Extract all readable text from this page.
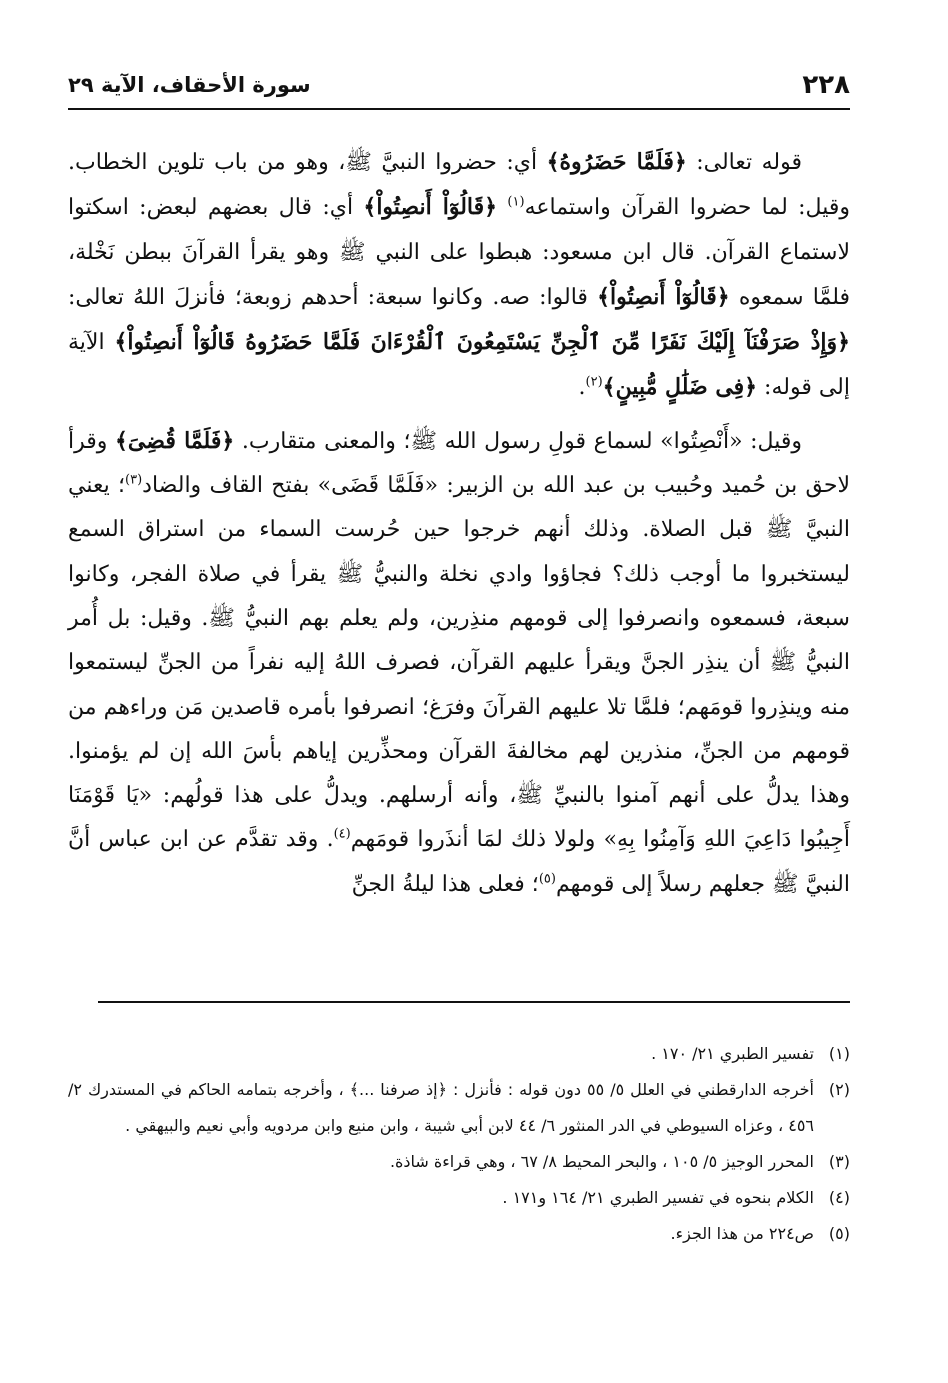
٢٢٨
سورة الأحقاف، الآية ٢٩

قوله تعالى: ﴿فَلَمَّا حَضَرُوهُ﴾ أي: حضروا النبيَّ ﷺ، وهو من باب تلوين الخطاب. وقيل: لما حضروا القرآن واستماعه$^{(١)}$ ﴿قَالُوٓاْ أَنصِتُواْ﴾ أي: قال بعضهم لبعض: اسكتوا لاستماع القرآن. قال ابن مسعود: هبطوا على النبي ﷺ وهو يقرأ القرآنَ ببطن نَخْلة، فلمَّا سمعوه ﴿قَالُوٓاْ أَنصِتُواْ﴾ قالوا: صه. وكانوا سبعة: أحدهم زوبعة؛ فأنزلَ اللهُ تعالى: ﴿وَإِذْ صَرَفْنَآ إِلَيْكَ نَفَرًا مِّنَ ٱلْجِنِّ يَسْتَمِعُونَ ٱلْقُرْءَانَ فَلَمَّا حَضَرُوهُ قَالُوٓاْ أَنصِتُواْ﴾ الآية إلى قوله: ﴿فِى ضَلَٰلٍ مُّبِينٍ﴾$^{(٢)}$.

وقيل: «أَنْصِتُوا» لسماع قولِ رسول الله ﷺ؛ والمعنى متقارب. ﴿فَلَمَّا قُضِىَ﴾ وقرأ لاحق بن حُميد وحُبيب بن عبد الله بن الزبير: «فَلَمَّا قَضَى» بفتح القاف والضاد$^{(٣)}$؛ يعني النبيَّ ﷺ قبل الصلاة. وذلك أنهم خرجوا حين حُرست السماء من استراق السمع ليستخبروا ما أوجب ذلك؟ فجاؤوا وادي نخلة والنبيُّ ﷺ يقرأ في صلاة الفجر، وكانوا سبعة، فسمعوه وانصرفوا إلى قومهم منذِرين، ولم يعلم بهم النبيُّ ﷺ. وقيل: بل أُمر النبيُّ ﷺ أن ينذِر الجنَّ ويقرأ عليهم القرآن، فصرف اللهُ إليه نفراً من الجنِّ ليستمعوا منه وينذِروا قومَهم؛ فلمَّا تلا عليهم القرآنَ وفرَغ؛ انصرفوا بأمره قاصدين مَن وراءهم من قومهم من الجنِّ، منذرين لهم مخالفةَ القرآن ومحذِّرين إياهم بأسَ الله إن لم يؤمنوا. وهذا يدلُّ على أنهم آمنوا بالنبيِّ ﷺ، وأنه أرسلهم. ويدلُّ على هذا قولُهم: «يَا قَوْمَنَا أَجِيبُوا دَاعِيَ اللهِ وَآمِنُوا بِهِ» ولولا ذلك لمَا أنذَروا قومَهم$^{(٤)}$. وقد تقدَّم عن ابن عباس أنَّ النبيَّ ﷺ جعلهم رسلاً إلى قومهم$^{(٥)}$؛ فعلى هذا ليلةُ الجنِّ

(١)
تفسير الطبري ٢١/ ١٧٠ .

(٢)
أخرجه الدارقطني في العلل ٥/ ٥٥ دون قوله : فأنزل : ﴿إذ صرفنا ...﴾ ، وأخرجه بتمامه الحاكم في المستدرك ٢/ ٤٥٦ ، وعزاه السيوطي في الدر المنثور ٦/ ٤٤ لابن أبي شيبة ، وابن منيع وابن مردويه وأبي نعيم والبيهقي .

(٣)
المحرر الوجيز ٥/ ١٠٥ ، والبحر المحيط ٨/ ٦٧ ، وهي قراءة شاذة.

(٤)
الكلام بنحوه في تفسير الطبري ٢١/ ١٦٤ و١٧١ .

(٥)
ص٢٢٤ من هذا الجزء.
